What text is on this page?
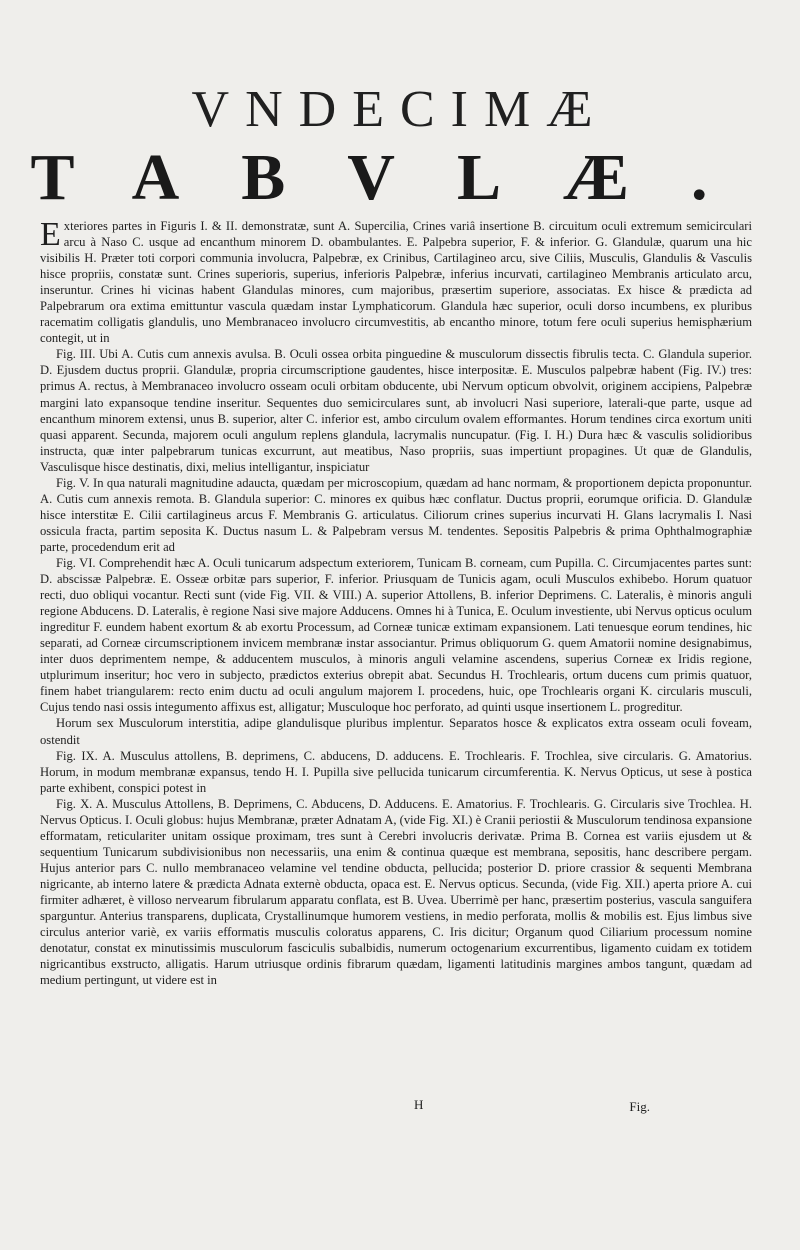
VNDECIMÆ
TABVLÆ.

Exteriores partes in Figuris I. & II. demonstratæ, sunt A. Supercilia, Crines variâ insertione B. circuitum oculi extremum semicirculari arcu à Naso C. usque ad encanthum minorem D. obambulantes. E. Palpebra superior, F. & inferior. G. Glandulæ, quarum una hic visibilis H. Præter toti corpori communia involucra, Palpebræ, ex Crinibus, Cartilagineo arcu, sive Ciliis, Musculis, Glandulis & Vasculis hisce propriis, constatæ sunt. Crines superioris, superius, inferioris Palpebræ, inferius incurvati, cartilagineo Membranis articulato arcu, inseruntur. Crines hi vicinas habent Glandulas minores, cum majoribus, præsertim superiore, associatas. Ex hisce & prædicta ad Palpebrarum ora extima emittuntur vascula quædam instar Lymphaticorum. Glandula hæc superior, oculi dorso incumbens, ex pluribus racematim colligatis glandulis, uno Membranaceo involucro circumvestitis, ab encantho minore, totum fere oculi superius hemisphærium contegit, ut in

Fig. III. Ubi A. Cutis cum annexis avulsa. B. Oculi ossea orbita pinguedine & musculorum dissectis fibrulis tecta. C. Glandula superior. D. Ejusdem ductus proprii. Glandulæ, propria circumscriptione gaudentes, hisce interpositæ. E. Musculos palpebræ habent (Fig. IV.) tres: primus A. rectus, à Membranaceo involucro osseam oculi orbitam obducente, ubi Nervum opticum obvolvit, originem accipiens, Palpebræ margini lato expansoque tendine inseritur. Sequentes duo semicirculares sunt, ab involucri Nasi superiore, laterali-que parte, usque ad encanthum minorem extensi, unus B. superior, alter C. inferior est, ambo circulum ovalem efformantes. Horum tendines circa exortum uniti quasi apparent. Secunda, majorem oculi angulum replens glandula, lacrymalis nuncupatur. (Fig. I. H.) Dura hæc & vasculis solidioribus instructa, quæ inter palpebrarum tunicas excurrunt, aut meatibus, Naso propriis, suas impertiunt propagines. Ut quæ de Glandulis, Vasculisque hisce destinatis, dixi, melius intelligantur, inspiciatur

Fig. V. In qua naturali magnitudine adaucta, quædam per microscopium, quædam ad hanc normam, & proportionem depicta proponuntur. A. Cutis cum annexis remota. B. Glandula superior: C. minores ex quibus hæc conflatur. Ductus proprii, eorumque orificia. D. Glandulæ hisce interstitæ E. Cilii cartilagineus arcus F. Membranis G. articulatus. Ciliorum crines superius incurvati H. Glans lacrymalis I. Nasi ossicula fracta, partim seposita K. Ductus nasum L. & Palpebram versus M. tendentes. Sepositis Palpebris & prima Ophthalmographiæ parte, procedendum erit ad

Fig. VI. Comprehendit hæc A. Oculi tunicarum adspectum exteriorem, Tunicam B. corneam, cum Pupilla. C. Circumjacentes partes sunt: D. abscissæ Palpebræ. E. Osseæ orbitæ pars superior, F. inferior. Priusquam de Tunicis agam, oculi Musculos exhibebo. Horum quatuor recti, duo obliqui vocantur. Recti sunt (vide Fig. VII. & VIII.) A. superior Attollens, B. inferior Deprimens. C. Lateralis, è minoris anguli regione Abducens. D. Lateralis, è regione Nasi sive majore Adducens. Omnes hi à Tunica, E. Oculum investiente, ubi Nervus opticus oculum ingreditur F. eundem habent exortum & ab exortu Processum, ad Corneæ tunicæ extimam expansionem. Lati tenuesque eorum tendines, hic separati, ad Corneæ circumscriptionem invicem membranæ instar associantur. Primus obliquorum G. quem Amatorii nomine designabimus, inter duos deprimentem nempe, & adducentem musculos, à minoris anguli velamine ascendens, superius Corneæ ex Iridis regione, utplurimum inseritur; hoc vero in subjecto, prædictos exterius obrepit abat. Secundus H. Trochlearis, ortum ducens cum primis quatuor, finem habet triangularem: recto enim ductu ad oculi angulum majorem I. procedens, huic, ope Trochlearis organi K. circularis musculi, Cujus tendo nasi ossis integumento affixus est, alligatur; Musculoque hoc perforato, ad quinti usque insertionem L. progreditur.

Horum sex Musculorum interstitia, adipe glandulisque pluribus implentur. Separatos hosce & explicatos extra osseam oculi foveam, ostendit

Fig. IX. A. Musculus attollens, B. deprimens, C. abducens, D. adducens. E. Trochlearis. F. Trochlea, sive circularis. G. Amatorius. Horum, in modum membranæ expansus, tendo H. I. Pupilla sive pellucida tunicarum circumferentia. K. Nervus Opticus, ut sese à postica parte exhibent, conspici potest in

Fig. X. A. Musculus Attollens, B. Deprimens, C. Abducens, D. Adducens. E. Amatorius. F. Trochlearis. G. Circularis sive Trochlea. H. Nervus Opticus. I. Oculi globus: hujus Membranæ, præter Adnatam A, (vide Fig. XI.) è Cranii periostii & Musculorum tendinosa expansione efformatam, reticulariter unitam ossique proximam, tres sunt à Cerebri involucris derivatæ. Prima B. Cornea est variis ejusdem ut & sequentium Tunicarum subdivisionibus non necessariis, una enim & continua quæque est membrana, sepositis, hanc describere pergam. Hujus anterior pars C. nullo membranaceo velamine vel tendine obducta, pellucida; posterior D. priore crassior & sequenti Membrana nigricante, ab interno latere & prædicta Adnata externè obducta, opaca est. E. Nervus opticus. Secunda, (vide Fig. XII.) aperta priore A. cui firmiter adhæret, è villoso nervearum fibrularum apparatu conflata, est B. Uvea. Uberrimè per hanc, præsertim posterius, vascula sanguifera sparguntur. Anterius transparens, duplicata, Crystallinumque humorem vestiens, in medio perforata, mollis & mobilis est. Ejus limbus sive circulus anterior variè, ex variis efformatis musculis coloratus apparens, C. Iris dicitur; Organum quod Ciliarium processum nomine denotatur, constat ex minutissimis musculorum fasciculis subalbidis, numerum octogenarium excurrentibus, ligamento cuidam ex totidem nigricantibus exstructo, alligatis. Harum utriusque ordinis fibrarum quædam, ligamenti latitudinis margines ambos tangunt, quædam ad medium pertingunt, ut videre est in

H	Fig.
